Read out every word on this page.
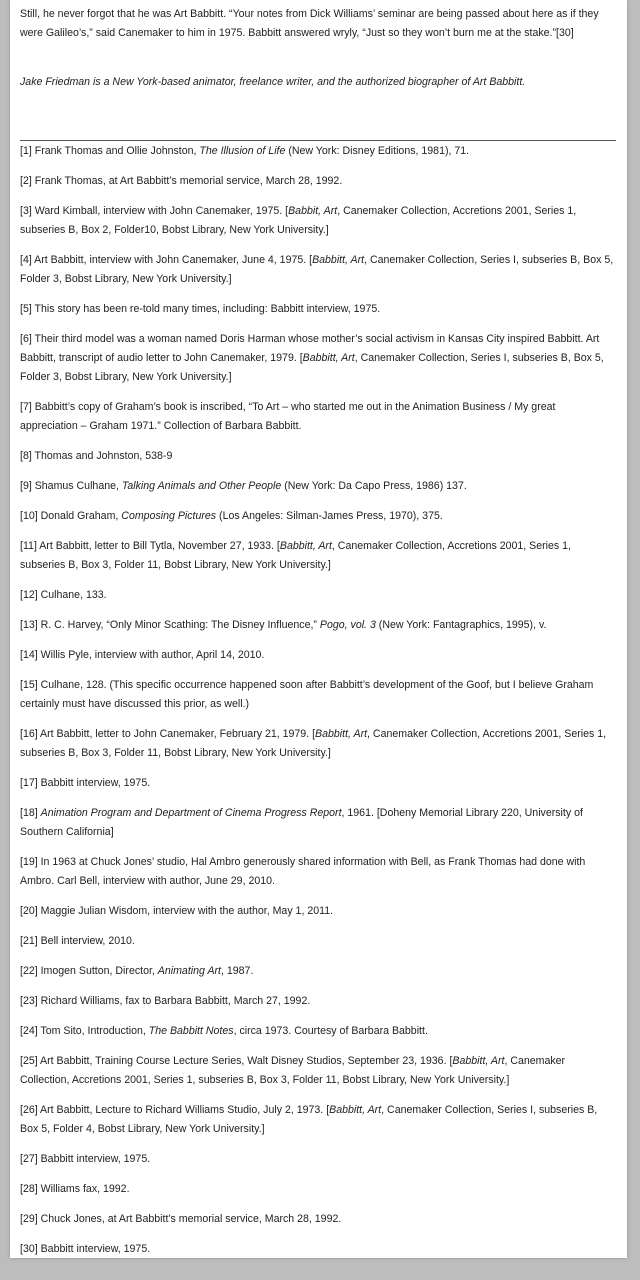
Still, he never forgot that he was Art Babbitt. “Your notes from Dick Williams’ seminar are being passed about here as if they were Galileo’s,” said Canemaker to him in 1975. Babbitt answered wryly, “Just so they won’t burn me at the stake.”[30]

Jake Friedman is a New York-based animator, freelance writer, and the authorized biographer of Art Babbitt.

[1] Frank Thomas and Ollie Johnston, The Illusion of Life (New York: Disney Editions, 1981), 71.

[2] Frank Thomas, at Art Babbitt’s memorial service, March 28, 1992.

[3] Ward Kimball, interview with John Canemaker, 1975. [Babbit, Art, Canemaker Collection, Accretions 2001, Series 1, subseries B, Box 2, Folder10, Bobst Library, New York University.]

[4] Art Babbitt, interview with John Canemaker, June 4, 1975. [Babbitt, Art, Canemaker Collection, Series I, subseries B, Box 5, Folder 3, Bobst Library, New York University.]

[5] This story has been re-told many times, including: Babbitt interview, 1975.

[6] Their third model was a woman named Doris Harman whose mother’s social activism in Kansas City inspired Babbitt. Art Babbitt, transcript of audio letter to John Canemaker, 1979. [Babbitt, Art, Canemaker Collection, Series I, subseries B, Box 5, Folder 3, Bobst Library, New York University.]

[7] Babbitt’s copy of Graham’s book is inscribed, “To Art – who started me out in the Animation Business / My great appreciation – Graham 1971.” Collection of Barbara Babbitt.

[8] Thomas and Johnston, 538-9

[9] Shamus Culhane, Talking Animals and Other People (New York: Da Capo Press, 1986) 137.

[10] Donald Graham, Composing Pictures (Los Angeles: Silman-James Press, 1970), 375.

[11] Art Babbitt, letter to Bill Tytla, November 27, 1933. [Babbitt, Art, Canemaker Collection, Accretions 2001, Series 1, subseries B, Box 3, Folder 11, Bobst Library, New York University.]

[12] Culhane, 133.

[13] R. C. Harvey, “Only Minor Scathing: The Disney Influence,” Pogo, vol. 3 (New York: Fantagraphics, 1995), v.

[14] Willis Pyle, interview with author, April 14, 2010.

[15] Culhane, 128. (This specific occurrence happened soon after Babbitt’s development of the Goof, but I believe Graham certainly must have discussed this prior, as well.)

[16] Art Babbitt, letter to John Canemaker, February 21, 1979. [Babbitt, Art, Canemaker Collection, Accretions 2001, Series 1, subseries B, Box 3, Folder 11, Bobst Library, New York University.]

[17] Babbitt interview, 1975.

[18] Animation Program and Department of Cinema Progress Report, 1961. [Doheny Memorial Library 220, University of Southern California]

[19] In 1963 at Chuck Jones’ studio, Hal Ambro generously shared information with Bell, as Frank Thomas had done with Ambro. Carl Bell, interview with author, June 29, 2010.

[20] Maggie Julian Wisdom, interview with the author, May 1, 2011.

[21] Bell interview, 2010.

[22] Imogen Sutton, Director, Animating Art, 1987.

[23] Richard Williams, fax to Barbara Babbitt, March 27, 1992.

[24] Tom Sito, Introduction, The Babbitt Notes, circa 1973. Courtesy of Barbara Babbitt.

[25] Art Babbitt, Training Course Lecture Series, Walt Disney Studios, September 23, 1936. [Babbitt, Art, Canemaker Collection, Accretions 2001, Series 1, subseries B, Box 3, Folder 11, Bobst Library, New York University.]

[26] Art Babbitt, Lecture to Richard Williams Studio, July 2, 1973. [Babbitt, Art, Canemaker Collection, Series I, subseries B, Box 5, Folder 4, Bobst Library, New York University.]

[27] Babbitt interview, 1975.

[28] Williams fax, 1992.

[29] Chuck Jones, at Art Babbitt’s memorial service, March 28, 1992.

[30] Babbitt interview, 1975.
